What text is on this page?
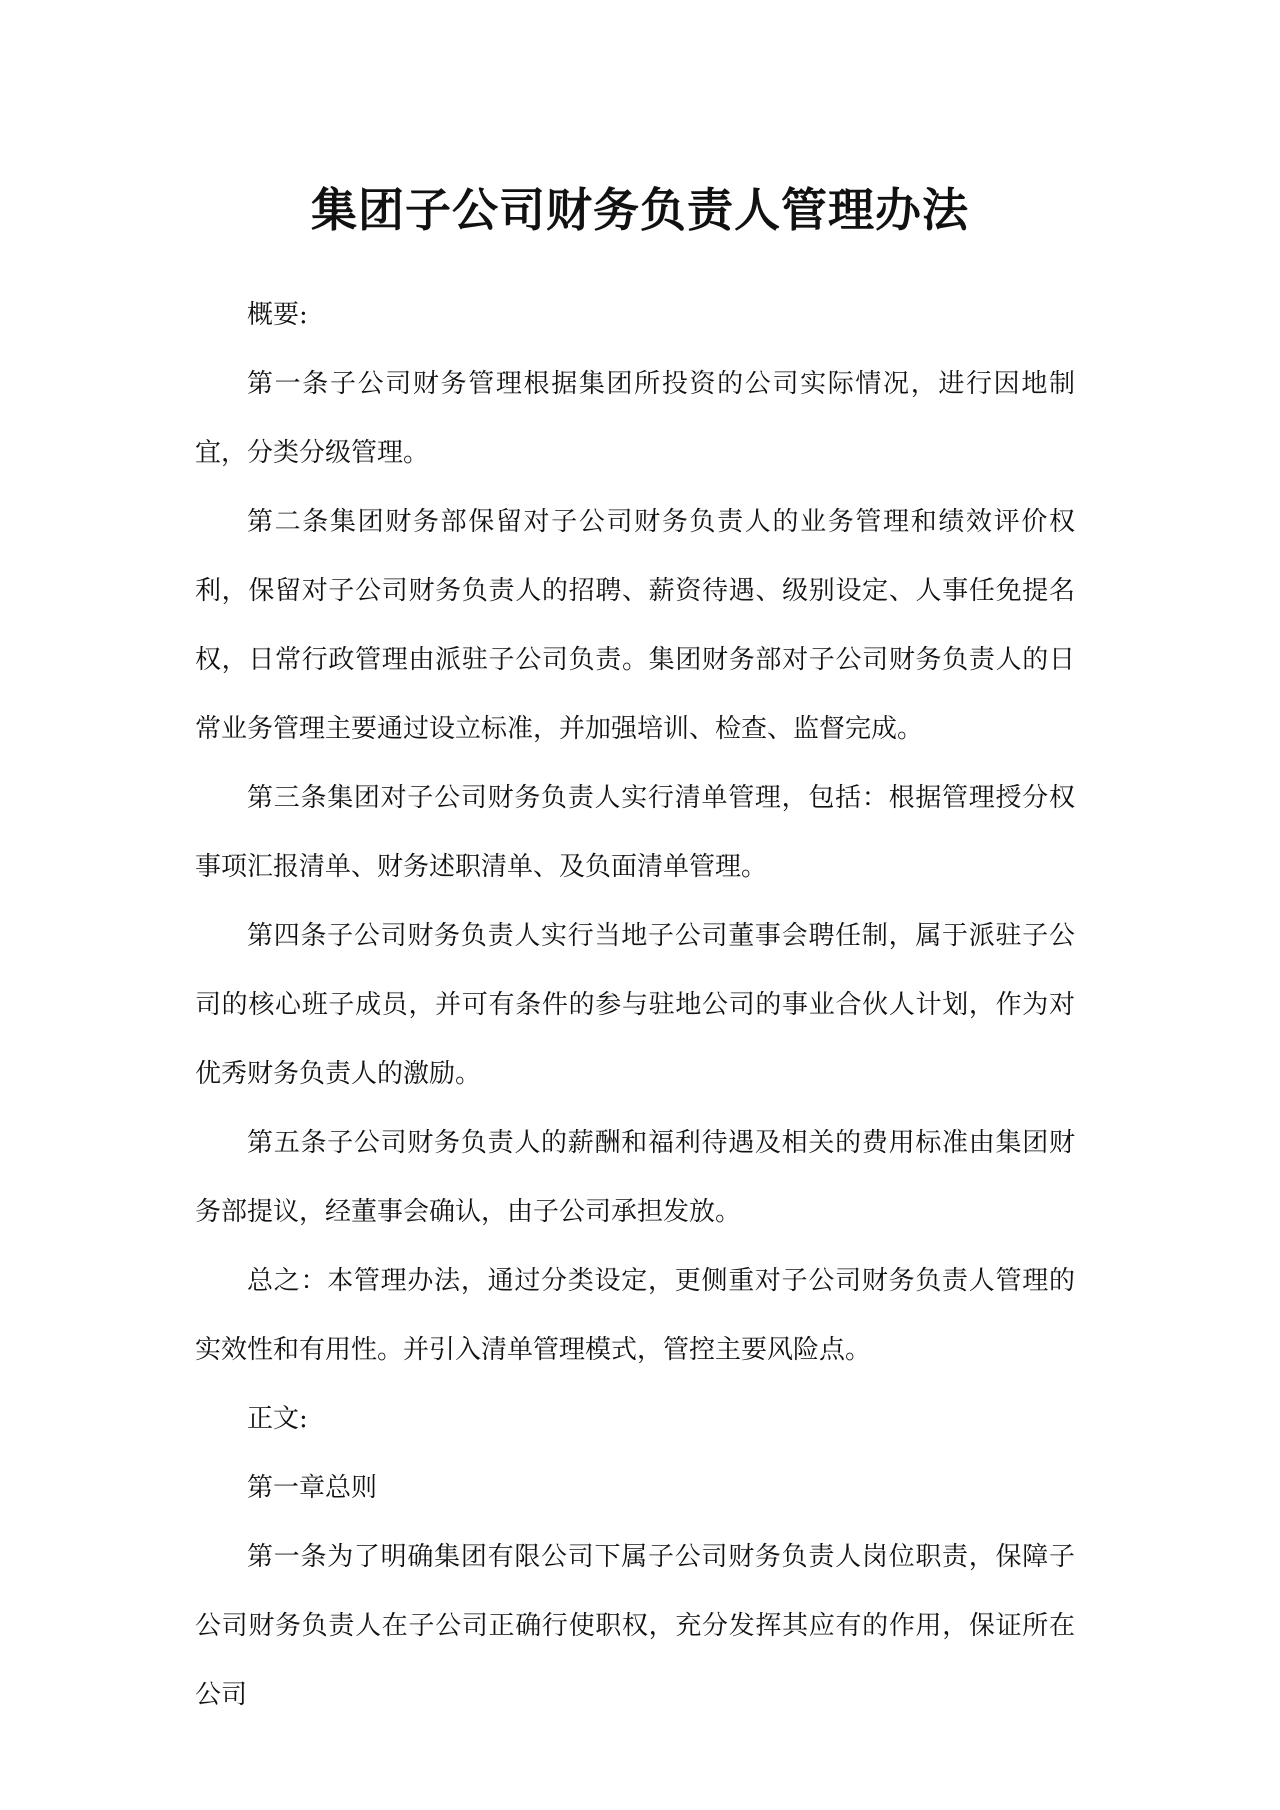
集团子公司财务负责人管理办法

概要:

第一条子公司财务管理根据集团所投资的公司实际情况，进行因地制宜，分类分级管理。

第二条集团财务部保留对子公司财务负责人的业务管理和绩效评价权利，保留对子公司财务负责人的招聘、薪资待遇、级别设定、人事任免提名权，日常行政管理由派驻子公司负责。集团财务部对子公司财务负责人的日常业务管理主要通过设立标准，并加强培训、检查、监督完成。

第三条集团对子公司财务负责人实行清单管理，包括：根据管理授分权事项汇报清单、财务述职清单、及负面清单管理。

第四条子公司财务负责人实行当地子公司董事会聘任制，属于派驻子公司的核心班子成员，并可有条件的参与驻地公司的事业合伙人计划，作为对优秀财务负责人的激励。

第五条子公司财务负责人的薪酬和福利待遇及相关的费用标准由集团财务部提议，经董事会确认，由子公司承担发放。

总之：本管理办法，通过分类设定，更侧重对子公司财务负责人管理的实效性和有用性。并引入清单管理模式，管控主要风险点。

正文:

第一章总则

第一条为了明确集团有限公司下属子公司财务负责人岗位职责，保障子公司财务负责人在子公司正确行使职权，充分发挥其应有的作用，保证所在公司
